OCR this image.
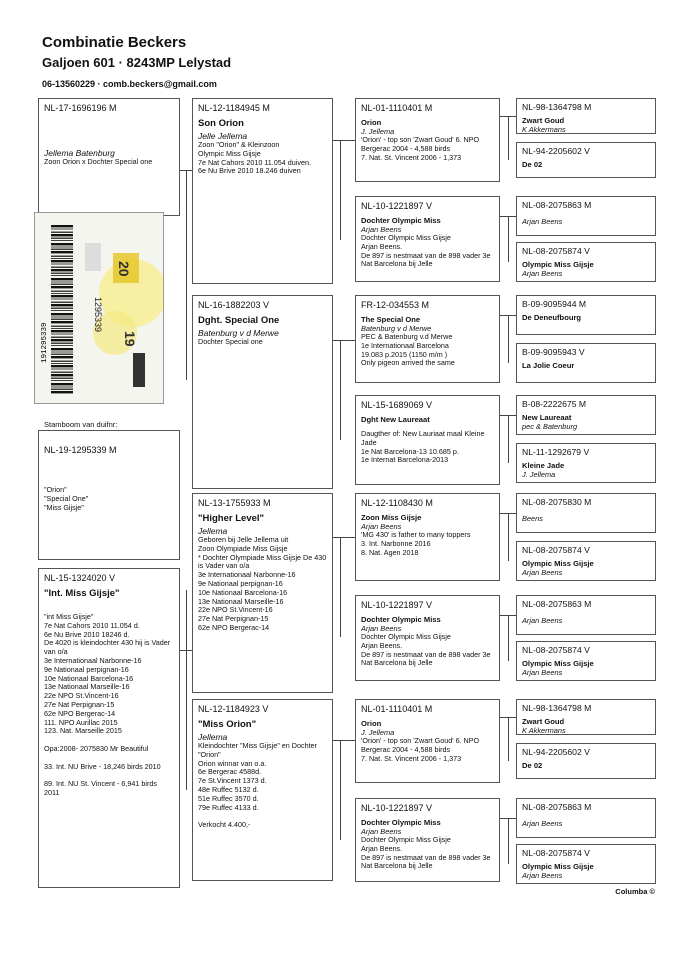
Combinatie Beckers
Galjoen 601 · 8243MP Lelystad
06-13560229 · comb.beckers@gmail.com
NL-17-1696196 M
Jellema Batenburg
Zoon Orion x Dochter Special one
191295339
20
19
1295339
Stamboom van duifnr:
NL-19-1295339 M
"Orion"
"Special One"
"Miss Gijsje"
NL-15-1324020 V
"Int. Miss Gijsje"
"int Miss Gijsje"
7e Nat Cahors 2010 11.054 d.
6e Nu Brive 2010 18246 d.
De 4020 is kleindochter 430 hij is Vader van o/a
3e Internationaal Narbonne-16
9e Nationaal perpignan-16
10e Nationaal Barcelona-16
13e Nationaal Marseille-16
22e NPO St.Vincent-16
27e Nat Perpignan-15
62e NPO Bergerac-14
111. NPO Aurillac 2015
123. Nat. Marseille 2015

Opa:2008- 2075830 Mr Beautiful

33. Int. NU Brive - 18,246 birds 2010

89. Int. NU St. Vincent - 6,941 birds 2011
NL-12-1184945 M
Son Orion
Jelle Jellema
Zoon "Orion" & Kleinzoon
Olympic Miss Gijsje
7e Nat Cahors 2010 11.054 duiven.
6e Nu Brive 2010 18.246 duiven
NL-16-1882203 V
Dght. Special One
Batenburg v d Merwe
Dochter Special one
NL-13-1755933 M
"Higher Level"
Jellema
Geboren bij Jelle Jellema uit
Zoon Olympiade Miss Gijsje
* Dochter Olympiade Miss Gijsje De 430 is Vader van o/a
3e Internationaal Narbonne-16
9e Nationaal perpignan-16
10e Nationaal Barcelona-16
13e Nationaal Marseille-16
22e NPO St.Vincent-16
27e Nat Perpignan-15
62e NPO Bergerac-14
NL-12-1184923 V
"Miss Orion"
Jellema
Kleindochter "Miss Gijsje" en Dochter "Orion"
Orion winnar van o.a.
6e Bergerac 4588d.
7e St.Vincent 1373 d.
48e Ruffec 5132 d.
51e Ruffec 3570 d.
79e Ruffec 4133 d.

Verkocht 4.400,-
NL-01-1110401 M
Orion
J. Jellema
'Orion' - top son 'Zwart Goud' 6. NPO Bergerac 2004 - 4,588 birds
7. Nat. St. Vincent 2006 - 1,373
NL-10-1221897 V
Dochter Olympic Miss
Arjan Beens
Dochter Olympic Miss Gijsje
Arjan Beens.
De 897 is nestmaat van de 898 vader 3e Nat Barcelona bij Jelle
FR-12-034553 M
The Special One
Batenburg v d Merwe
PEC & Batenburg v.d Merwe
1e Internationaal Barcelona
19.083 p.2015 (1150 m/m )
Only pigeon arrived the same
NL-15-1689069 V
Dght New Laureaat
Daugther of: New Lauriaat maal Kleine Jade
1e Nat Barcelona-13 10.685 p.
1e Internat Barcelona-2013
NL-12-1108430 M
Zoon Miss Gijsje
Arjan Beens
'MG 430' is father to many toppers
3. Int. Narbonne 2016
8. Nat. Agen 2018
NL-10-1221897 V
Dochter Olympic Miss
Arjan Beens
Dochter Olympic Miss Gijsje
Arjan Beens.
De 897 is nestmaat van de 898 vader 3e Nat Barcelona bij Jelle
NL-01-1110401 M
Orion
J. Jellema
'Orion' - top son 'Zwart Goud' 6. NPO Bergerac 2004 - 4,588 birds
7. Nat. St. Vincent 2006 - 1,373
NL-10-1221897 V
Dochter Olympic Miss
Arjan Beens
Dochter Olympic Miss Gijsje
Arjan Beens.
De 897 is nestmaat van de 898 vader 3e Nat Barcelona bij Jelle
NL-98-1364798 M
Zwart Goud
K Akkermans
NL-94-2205602 V
De 02
NL-08-2075863 M
Arjan Beens
NL-08-2075874 V
Olympic Miss Gijsje
Arjan Beens
B-09-9095944 M
De Deneufbourg
B-09-9095943 V
La Jolie Coeur
B-08-2222675 M
New Laureaat
pec & Batenburg
NL-11-1292679 V
Kleine Jade
J. Jellema
NL-08-2075830 M
Beens
NL-08-2075874 V
Olympic Miss Gijsje
Arjan Beens
NL-08-2075863 M
Arjan Beens
NL-08-2075874 V
Olympic Miss Gijsje
Arjan Beens
NL-98-1364798 M
Zwart Goud
K Akkermans
NL-94-2205602 V
De 02
NL-08-2075863 M
Arjan Beens
NL-08-2075874 V
Olympic Miss Gijsje
Arjan Beens
Columba ©
